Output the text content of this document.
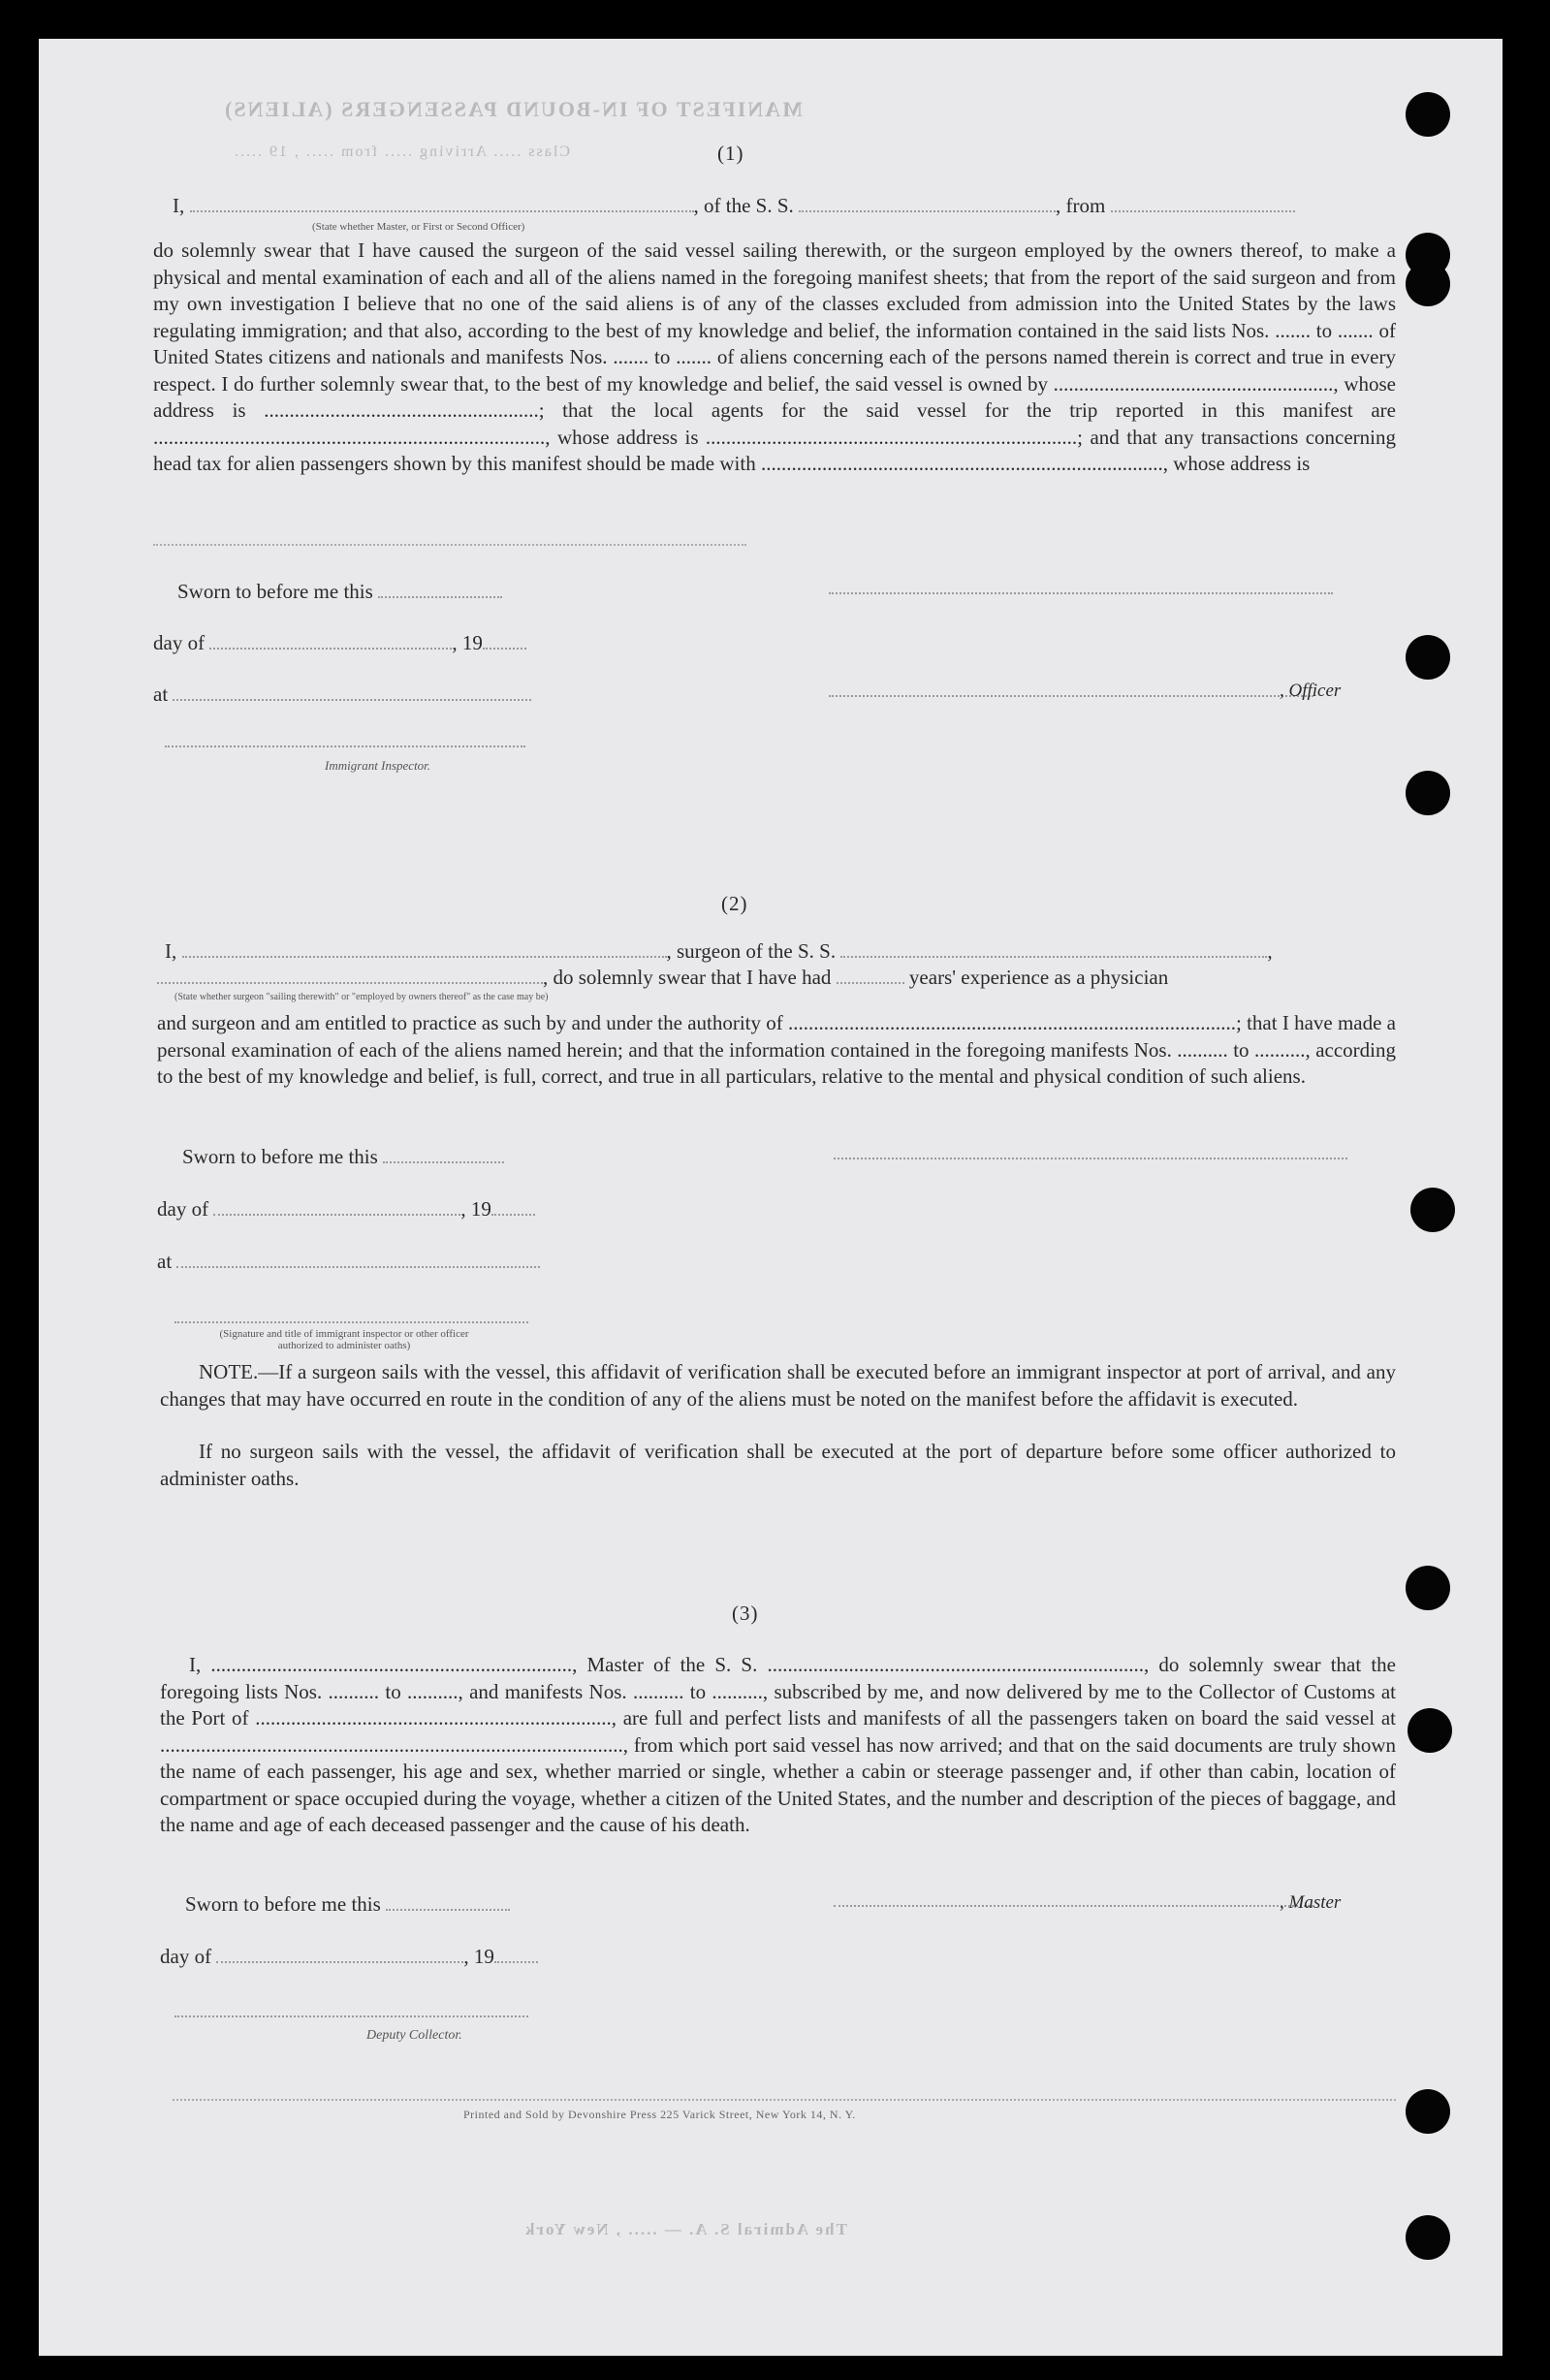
MANIFEST OF IN-BOUND PASSENGERS (ALIENS)
Class ..... Arriving ..... from ..... , 19 .....
The Admiral S. A. — ..... , New York
(1)
I,	, of the S. S.	, from
(State whether Master, or First or Second Officer)

do solemnly swear that I have caused the surgeon of the said vessel sailing therewith, or the surgeon employed by the owners thereof, to make a physical and mental examination of each and all of the aliens named in the foregoing manifest sheets; that from the report of the said surgeon and from my own investigation I believe that no one of the said aliens is of any of the classes excluded from admission into the United States by the laws regulating immigration; and that also, according to the best of my knowledge and belief, the information contained in the said lists Nos. ....... to ....... of United States citizens and nationals and manifests Nos. ....... to ....... of aliens concerning each of the persons named therein is correct and true in every respect. I do further solemnly swear that, to the best of my knowledge and belief, the said vessel is owned by ......................................................., whose address is ......................................................; that the local agents for the said vessel for the trip reported in this manifest are ............................................................................., whose address is .........................................................................; and that any transactions concerning head tax for alien passengers shown by this manifest should be made with ..............................................................................., whose address is

Sworn to before me this
day of	, 19
at	, Officer
Immigrant Inspector.
(2)
I,	, surgeon of the S. S.	,
, do solemnly swear that I have had	years' experience as a physician
(State whether surgeon "sailing therewith" or "employed by owners thereof" as the case may be)

and surgeon and am entitled to practice as such by and under the authority of ........................................................................................; that I have made a personal examination of each of the aliens named herein; and that the information contained in the foregoing manifests Nos. .......... to .........., according to the best of my knowledge and belief, is full, correct, and true in all particulars, relative to the mental and physical condition of such aliens.

Sworn to before me this
day of	, 19
at
(Signature and title of immigrant inspector or other officer authorized to administer oaths)

NOTE.—If a surgeon sails with the vessel, this affidavit of verification shall be executed before an immigrant inspector at port of arrival, and any changes that may have occurred en route in the condition of any of the aliens must be noted on the manifest before the affidavit is executed.

If no surgeon sails with the vessel, the affidavit of verification shall be executed at the port of departure before some officer authorized to administer oaths.

(3)

I, ......................................................................., Master of the S. S. .........................................................................., do solemnly swear that the foregoing lists Nos. .......... to .........., and manifests Nos. .......... to .........., subscribed by me, and now delivered by me to the Collector of Customs at the Port of ......................................................................, are full and perfect lists and manifests of all the passengers taken on board the said vessel at ..........................................................................................., from which port said vessel has now arrived; and that on the said documents are truly shown the name of each passenger, his age and sex, whether married or single, whether a cabin or steerage passenger and, if other than cabin, location of compartment or space occupied during the voyage, whether a citizen of the United States, and the number and description of the pieces of baggage, and the name and age of each deceased passenger and the cause of his death.

Sworn to before me this	, Master
day of	, 19
Deputy Collector.
Printed and Sold by Devonshire Press 225 Varick Street, New York 14, N. Y.
